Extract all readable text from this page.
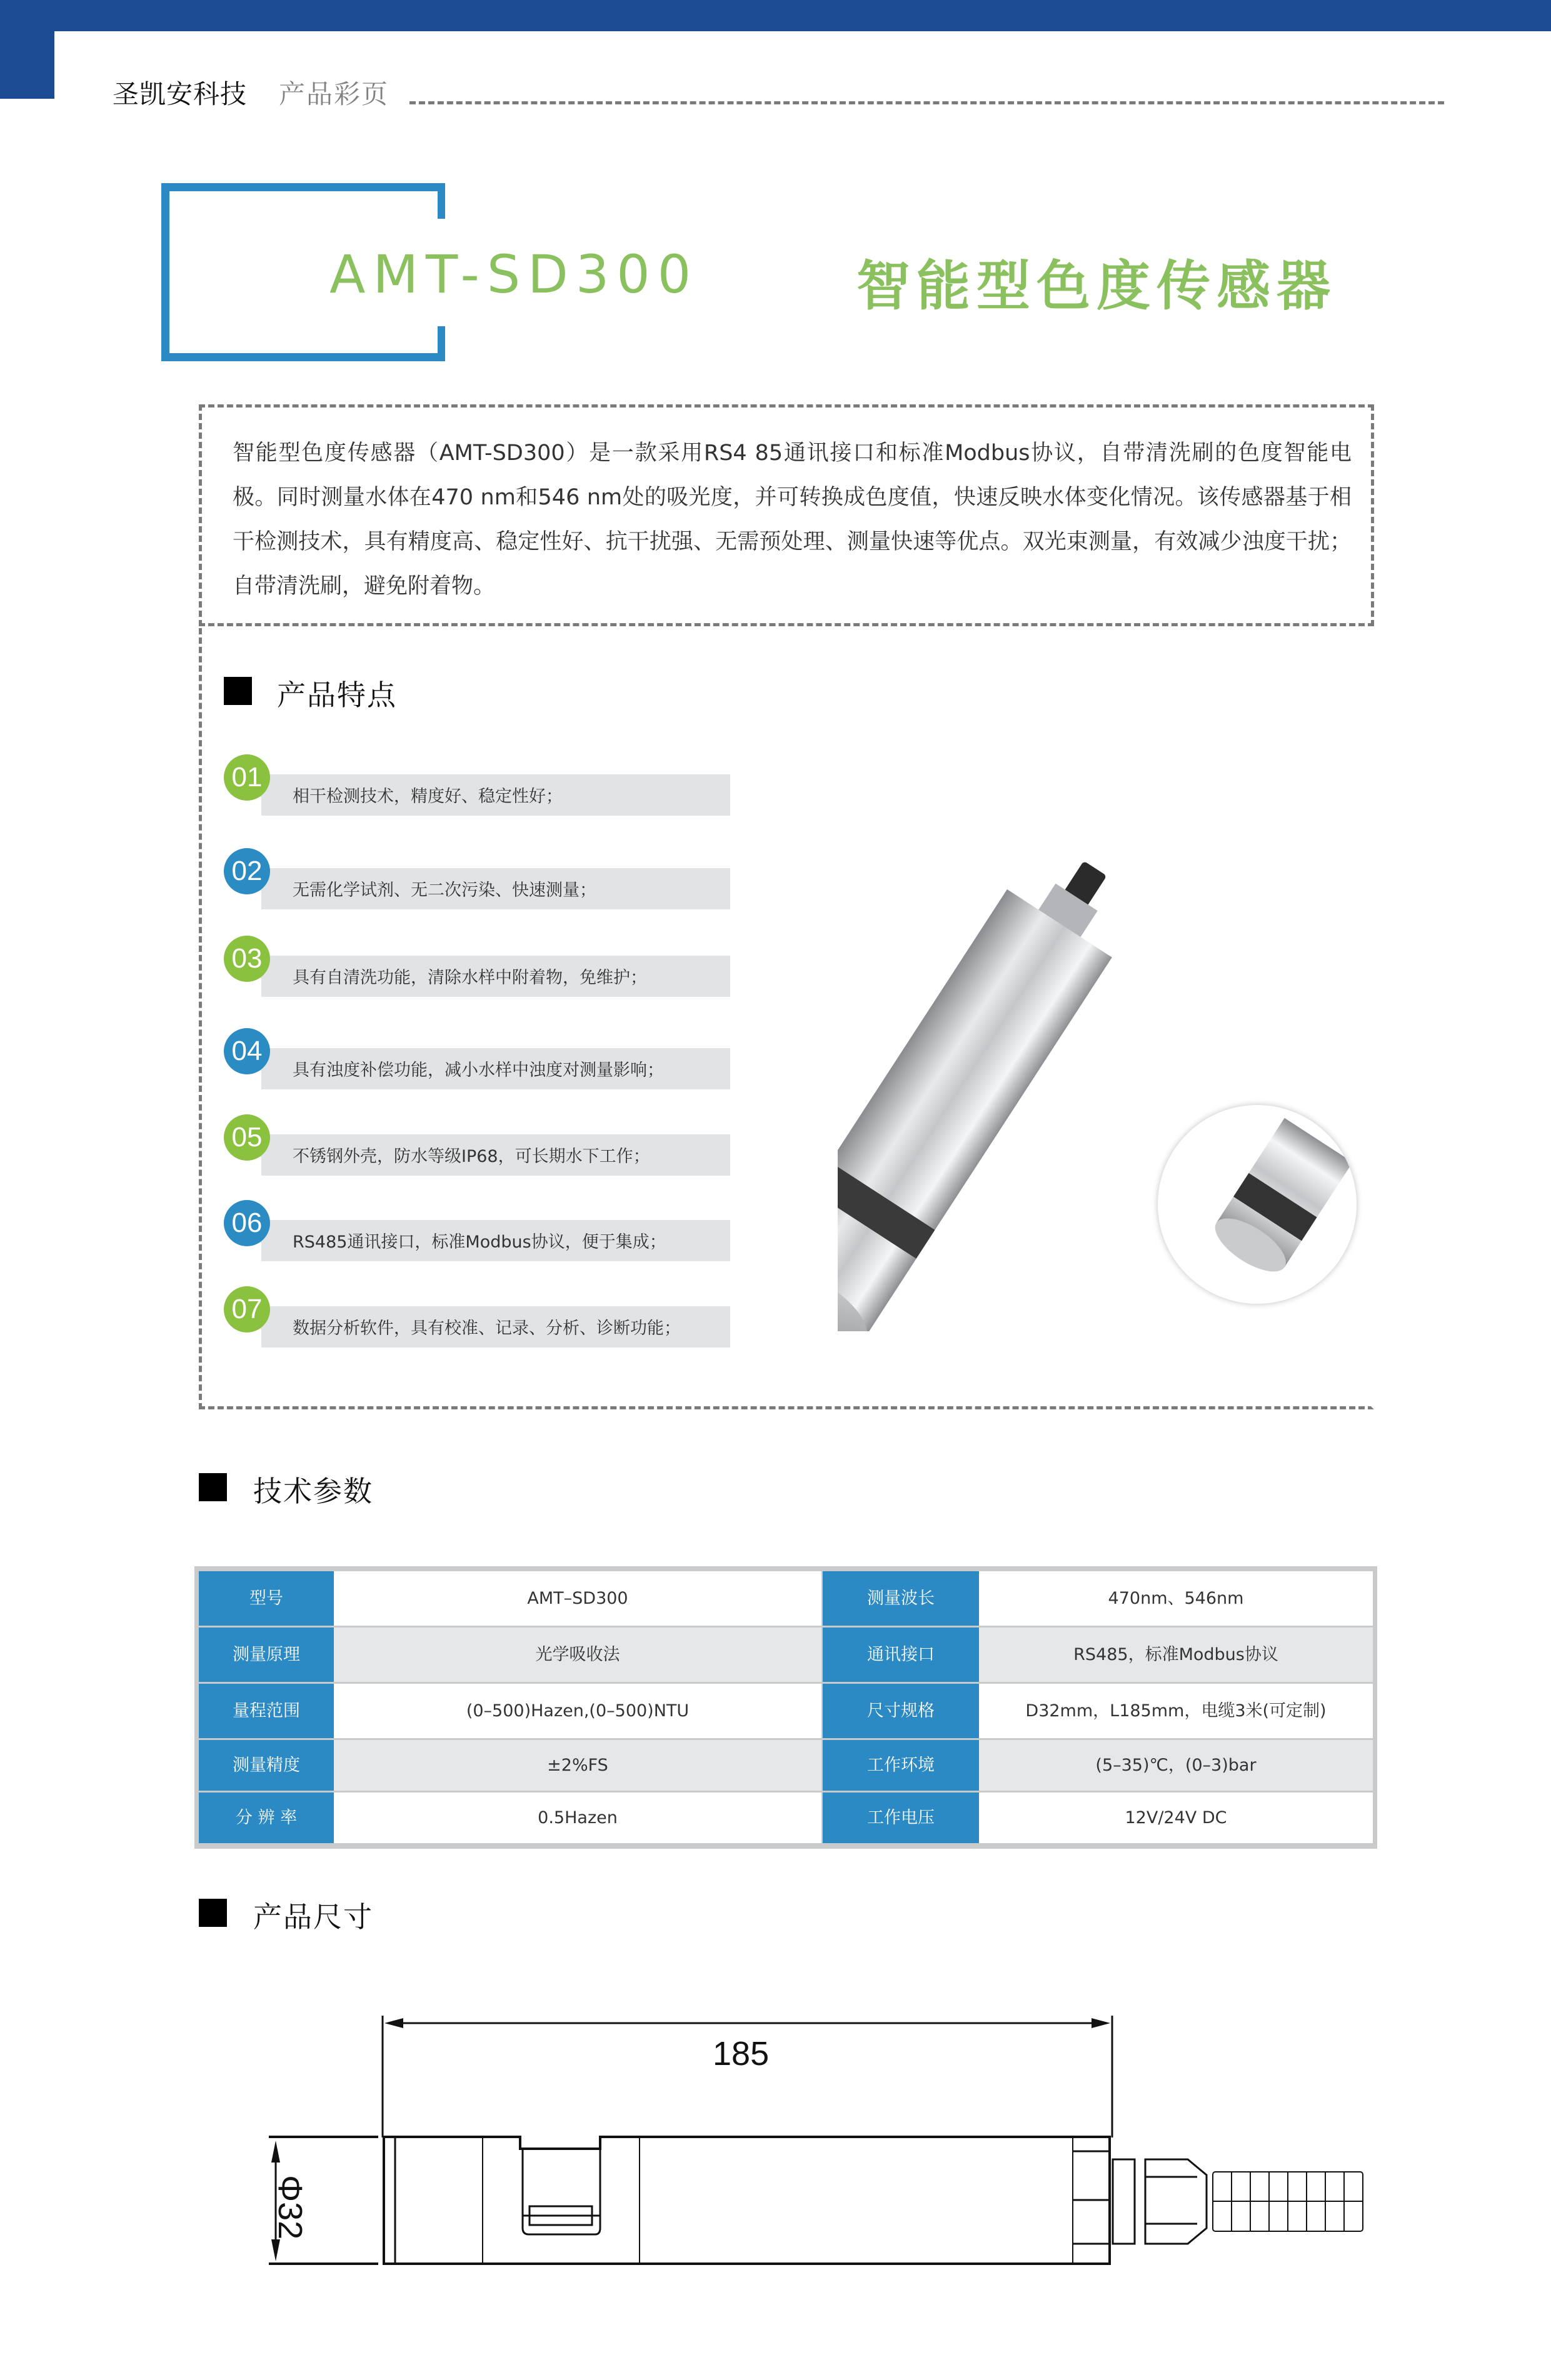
圣凯安科技 产品彩页
AMT-SD300	智能型色度传感器
智能型色度传感器（AMT-SD300）是一款采用RS4 85通讯接口和标准Modbus协议，自带清洗刷的色度智能电极。同时测量水体在470 nm和546 nm处的吸光度，并可转换成色度值，快速反映水体变化情况。该传感器基于相干检测技术，具有精度高、稳定性好、抗干扰强、无需预处理、测量快速等优点。双光束测量，有效减少浊度干扰；自带清洗刷，避免附着物。
产品特点
01
相干检测技术，精度好、稳定性好；
02
无需化学试剂、无二次污染、快速测量；
03
具有自清洗功能，清除水样中附着物，免维护；
04
具有浊度补偿功能，减小水样中浊度对测量影响；
05
不锈钢外壳，防水等级IP68，可长期水下工作；
06
RS485通讯接口，标准Modbus协议，便于集成；
07
数据分析软件，具有校准、记录、分析、诊断功能；
技术参数
型号	AMT–SD300	测量波长	470nm、546nm
测量原理	光学吸收法	通讯接口	RS485，标准Modbus协议
量程范围	(0–500)Hazen,(0–500)NTU	尺寸规格	D32mm，L185mm，电缆3米(可定制)
测量精度	±2%FS	工作环境	(5–35)℃，(0–3)bar
分 辨 率	0.5Hazen	工作电压	12V/24V DC
产品尺寸
185
Φ32
